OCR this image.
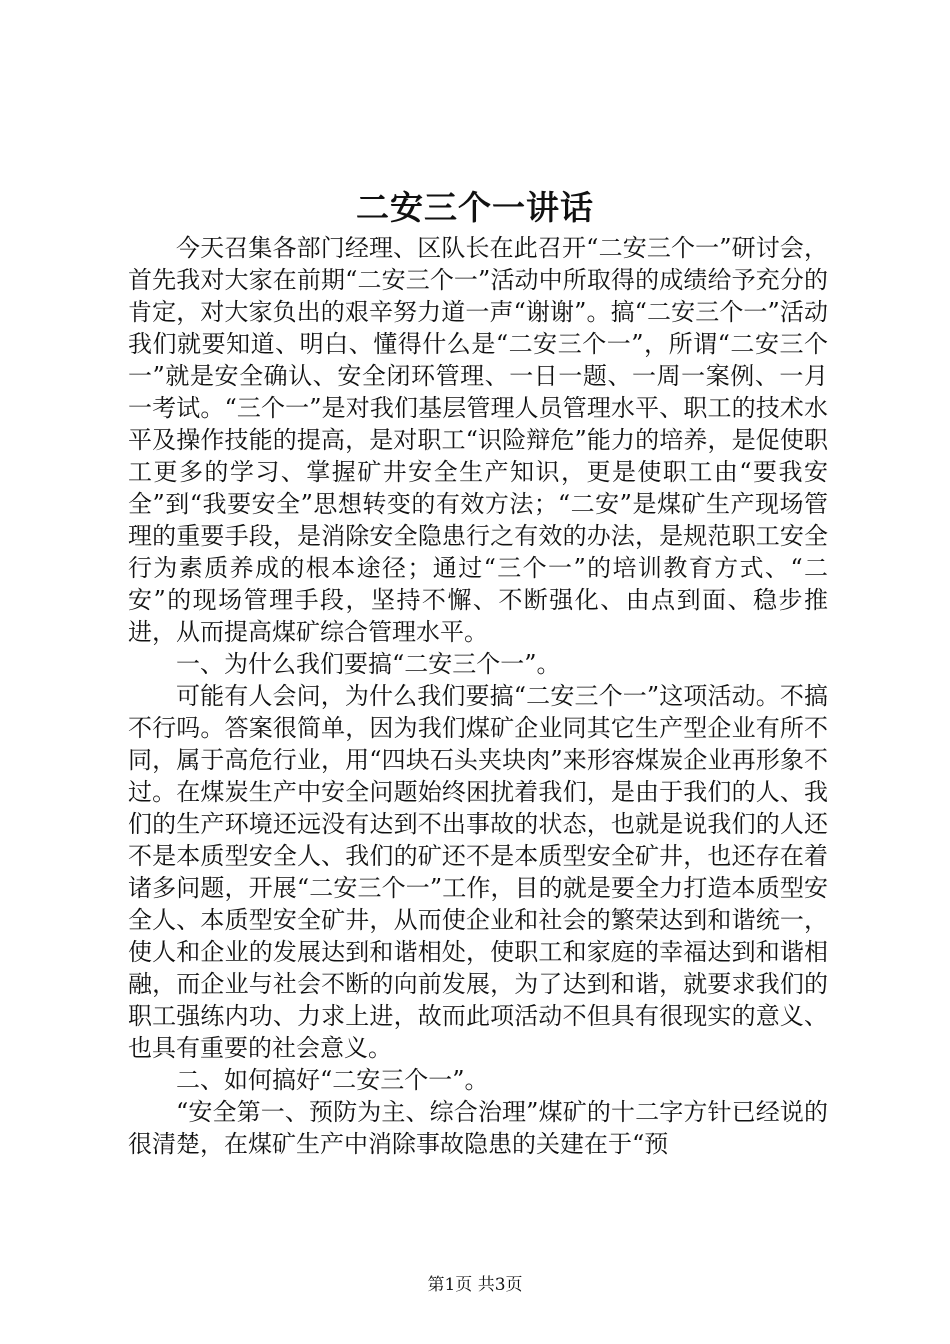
二安三个一讲话

今天召集各部门经理、区队长在此召开“二安三个一”研讨会，首先我对大家在前期“二安三个一”活动中所取得的成绩给予充分的肯定，对大家负出的艰辛努力道一声“谢谢”。搞“二安三个一”活动我们就要知道、明白、懂得什么是“二安三个一”，所谓“二安三个一”就是安全确认、安全闭环管理、一日一题、一周一案例、一月一考试。“三个一”是对我们基层管理人员管理水平、职工的技术水平及操作技能的提高，是对职工“识险辩危”能力的培养，是促使职工更多的学习、掌握矿井安全生产知识，更是使职工由“要我安全”到“我要安全”思想转变的有效方法；“二安”是煤矿生产现场管理的重要手段，是消除安全隐患行之有效的办法，是规范职工安全行为素质养成的根本途径；通过“三个一”的培训教育方式、“二安”的现场管理手段，坚持不懈、不断强化、由点到面、稳步推进，从而提高煤矿综合管理水平。

一、为什么我们要搞“二安三个一”。

可能有人会问，为什么我们要搞“二安三个一”这项活动。不搞不行吗。答案很简单，因为我们煤矿企业同其它生产型企业有所不同，属于高危行业，用“四块石头夹块肉”来形容煤炭企业再形象不过。在煤炭生产中安全问题始终困扰着我们，是由于我们的人、我们的生产环境还远没有达到不出事故的状态，也就是说我们的人还不是本质型安全人、我们的矿还不是本质型安全矿井，也还存在着诸多问题，开展“二安三个一”工作，目的就是要全力打造本质型安全人、本质型安全矿井，从而使企业和社会的繁荣达到和谐统一，使人和企业的发展达到和谐相处，使职工和家庭的幸福达到和谐相融，而企业与社会不断的向前发展，为了达到和谐，就要求我们的职工强练内功、力求上进，故而此项活动不但具有很现实的意义、也具有重要的社会意义。

二、如何搞好“二安三个一”。

“安全第一、预防为主、综合治理”煤矿的十二字方针已经说的很清楚，在煤矿生产中消除事故隐患的关建在于“预

第1页 共3页
